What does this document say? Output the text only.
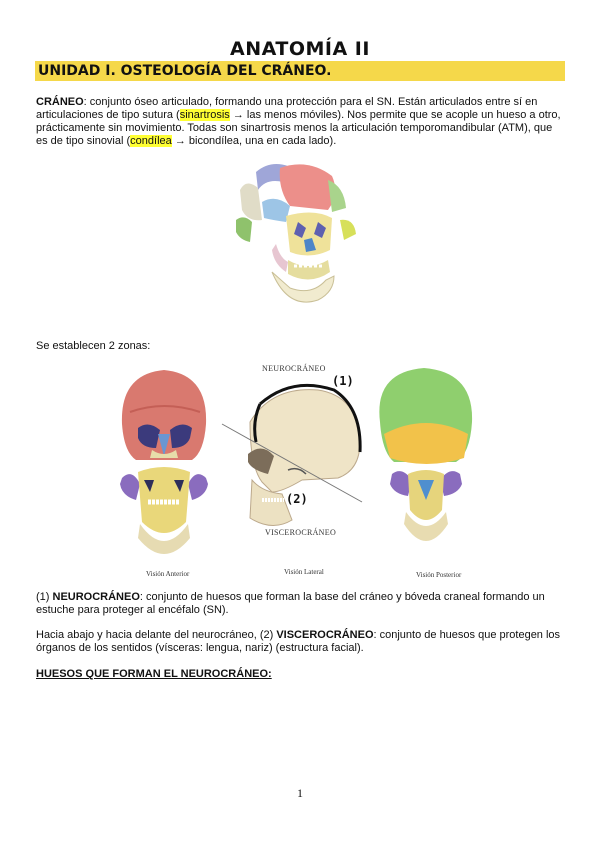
ANATOMÍA II
UNIDAD I. OSTEOLOGÍA DEL CRÁNEO.
CRÁNEO: conjunto óseo articulado, formando una protección para el SN. Están articulados entre sí en articulaciones de tipo sutura (sinartrosis → las menos móviles). Nos permite que se acople un hueso a otro, prácticamente sin movimiento. Todas son sinartrosis menos la articulación temporomandibular (ATM), que es de tipo sinovial (condílea → bicondílea, una en cada lado).
Se establecen 2 zonas:
NEUROCRÁNEO
VISCEROCRÁNEO
(1)
(2)
Visión Anterior	Visión Lateral	Visión Posterior
(1) NEUROCRÁNEO: conjunto de huesos que forman la base del cráneo y bóveda craneal formando un estuche para proteger al encéfalo (SN).
Hacia abajo y hacia delante del neurocráneo, (2) VISCEROCRÁNEO: conjunto de huesos que protegen los órganos de los sentidos (vísceras: lengua, nariz) (estructura facial).
HUESOS QUE FORMAN EL NEUROCRÁNEO:
1
